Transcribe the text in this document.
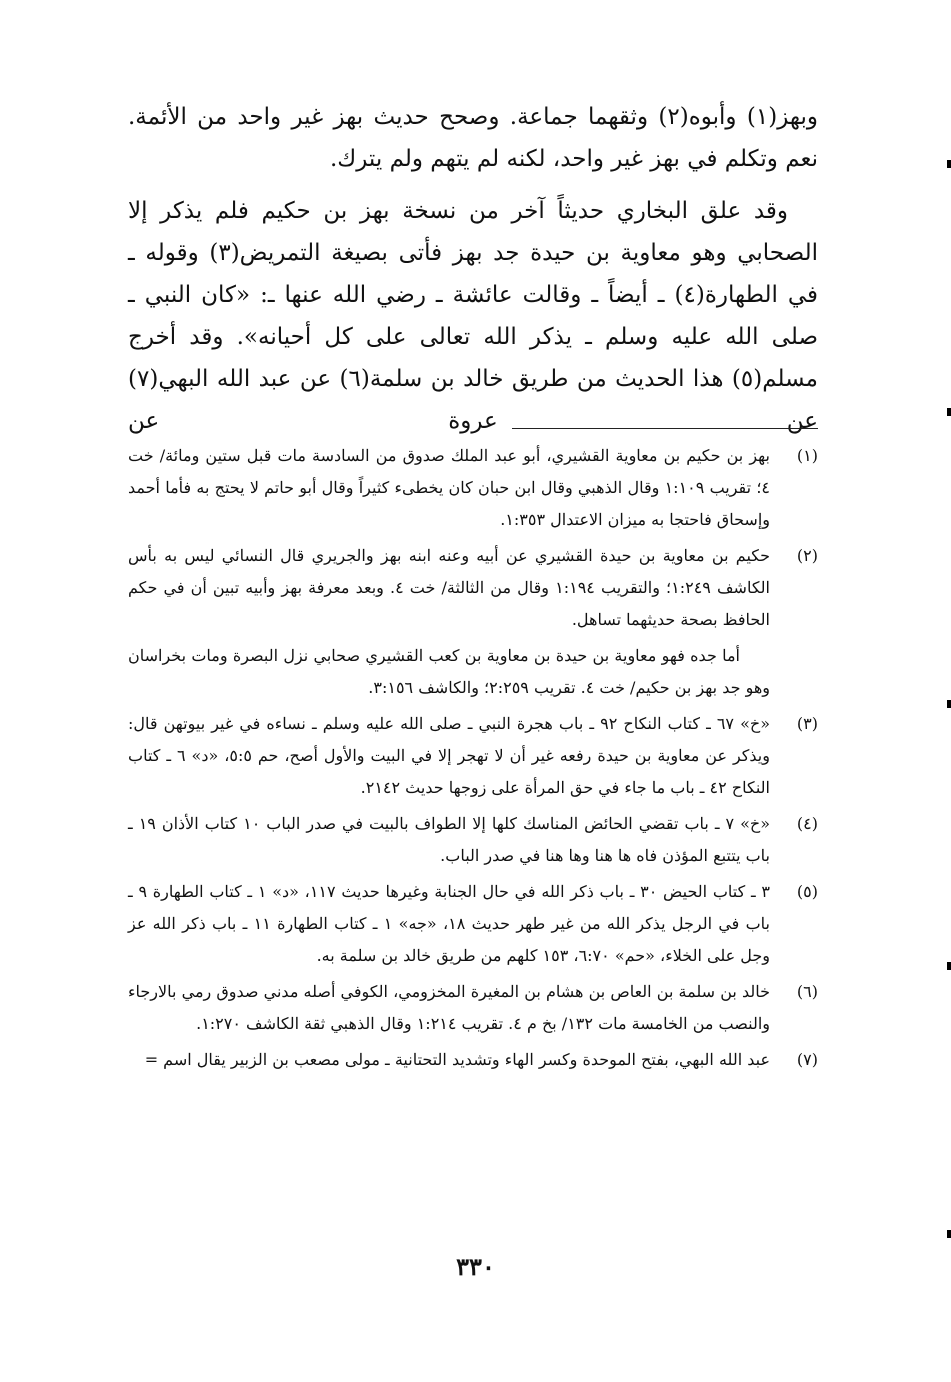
وبهز(١) وأبوه(٢) وثقهما جماعة. وصحح حديث بهز غير واحد من الأئمة. نعم وتكلم في بهز غير واحد، لكنه لم يتهم ولم يترك.

وقد علق البخاري حديثاً آخر من نسخة بهز بن حكيم فلم يذكر إلا الصحابي وهو معاوية بن حيدة جد بهز فأتى بصيغة التمريض(٣) وقوله ـ في الطهارة(٤) ـ أيضاً ـ وقالت عائشة ـ رضي الله عنها ـ: «كان النبي ـ صلى الله عليه وسلم ـ يذكر الله تعالى على كل أحيانه». وقد أخرج مسلم(٥) هذا الحديث من طريق خالد بن سلمة(٦) عن عبد الله البهي(٧) عن عروة عن

(١)

بهز بن حكيم بن معاوية القشيري، أبو عبد الملك صدوق من السادسة مات قبل ستين ومائة/ خت ٤؛ تقريب ١:١٠٩ وقال الذهبي وقال ابن حبان كان يخطىء كثيراً وقال أبو حاتم لا يحتج به فأما أحمد وإسحاق فاحتجا به ميزان الاعتدال ١:٣٥٣.

(٢)

حكيم بن معاوية بن حيدة القشيري عن أبيه وعنه ابنه بهز والجريري قال النسائي ليس به بأس الكاشف ١:٢٤٩؛ والتقريب ١:١٩٤ وقال من الثالثة/ خت ٤. وبعد معرفة بهز وأبيه تبين أن في حكم الحافظ بصحة حديثهما تساهل.

أما جده فهو معاوية بن حيدة بن معاوية بن كعب القشيري صحابي نزل البصرة ومات بخراسان وهو جد بهز بن حكيم/ خت ٤. تقريب ٢:٢٥٩؛ والكاشف ٣:١٥٦.

(٣)

«خ» ٦٧ ـ كتاب النكاح ٩٢ ـ باب هجرة النبي ـ صلى الله عليه وسلم ـ نساءه في غير بيوتهن قال: ويذكر عن معاوية بن حيدة رفعه غير أن لا تهجر إلا في البيت والأول أصح، حم ٥:٥، «د» ٦ ـ كتاب النكاح ٤٢ ـ باب ما جاء في حق المرأة على زوجها حديث ٢١٤٢.

(٤)

«خ» ٧ ـ باب تقضي الحائض المناسك كلها إلا الطواف بالبيت في صدر الباب ١٠ كتاب الأذان ١٩ ـ باب يتتبع المؤذن فاه ها هنا وها هنا في صدر الباب.

(٥)

٣ ـ كتاب الحيض ٣٠ ـ باب ذكر الله في حال الجنابة وغيرها حديث ١١٧، «د» ١ ـ كتاب الطهارة ٩ ـ باب في الرجل يذكر الله من غير طهر حديث ١٨، «جه» ١ ـ كتاب الطهارة ١١ ـ باب ذكر الله عز وجل على الخلاء، «حم» ٦:٧٠، ١٥٣ كلهم من طريق خالد بن سلمة به.

(٦)

خالد بن سلمة بن العاص بن هشام بن المغيرة المخزومي، الكوفي أصله مدني صدوق رمي بالارجاء والنصب من الخامسة مات ١٣٢/ بخ م ٤. تقريب ١:٢١٤ وقال الذهبي ثقة الكاشف ١:٢٧٠.

(٧)

عبد الله البهي، بفتح الموحدة وكسر الهاء وتشديد التحتانية ـ مولى مصعب بن الزبير يقال اسم =

٣٣٠
